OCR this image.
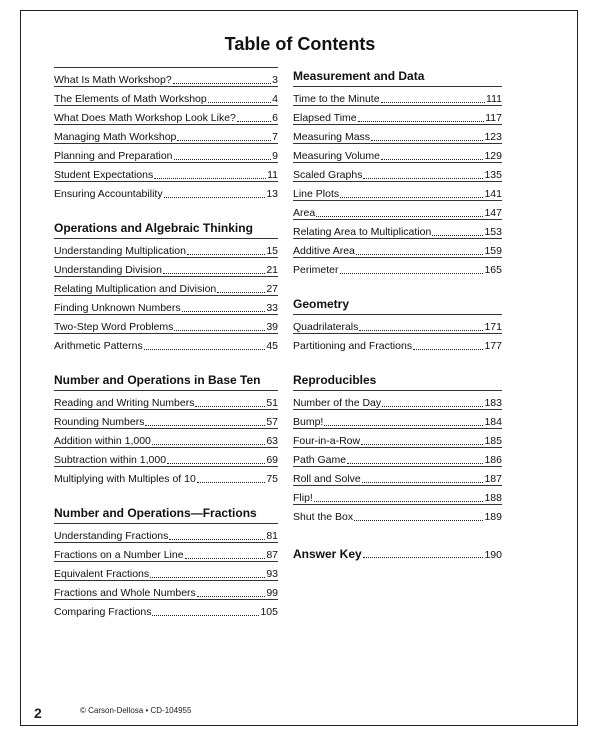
Table of Contents
What Is Math Workshop?	3
The Elements of Math Workshop	4
What Does Math Workshop Look Like?	6
Managing Math Workshop	7
Planning and Preparation	9
Student Expectations	11
Ensuring Accountability	13
Operations and Algebraic Thinking
Understanding Multiplication	15
Understanding Division	21
Relating Multiplication and Division	27
Finding Unknown Numbers	33
Two-Step Word Problems	39
Arithmetic Patterns	45
Number and Operations in Base Ten
Reading and Writing Numbers	51
Rounding Numbers	57
Addition within 1,000	63
Subtraction within 1,000	69
Multiplying with Multiples of 10	75
Number and Operations—Fractions
Understanding Fractions	81
Fractions on a Number Line	87
Equivalent Fractions	93
Fractions and Whole Numbers	99
Comparing Fractions	105
Measurement and Data
Time to the Minute	111
Elapsed Time	117
Measuring Mass	123
Measuring Volume	129
Scaled Graphs	135
Line Plots	141
Area	147
Relating Area to Multiplication	153
Additive Area	159
Perimeter	165
Geometry
Quadrilaterals	171
Partitioning and Fractions	177
Reproducibles
Number of the Day	183
Bump!	184
Four-in-a-Row	185
Path Game	186
Roll and Solve	187
Flip!	188
Shut the Box	189
Answer Key	190
2	© Carson-Dellosa • CD-104955
